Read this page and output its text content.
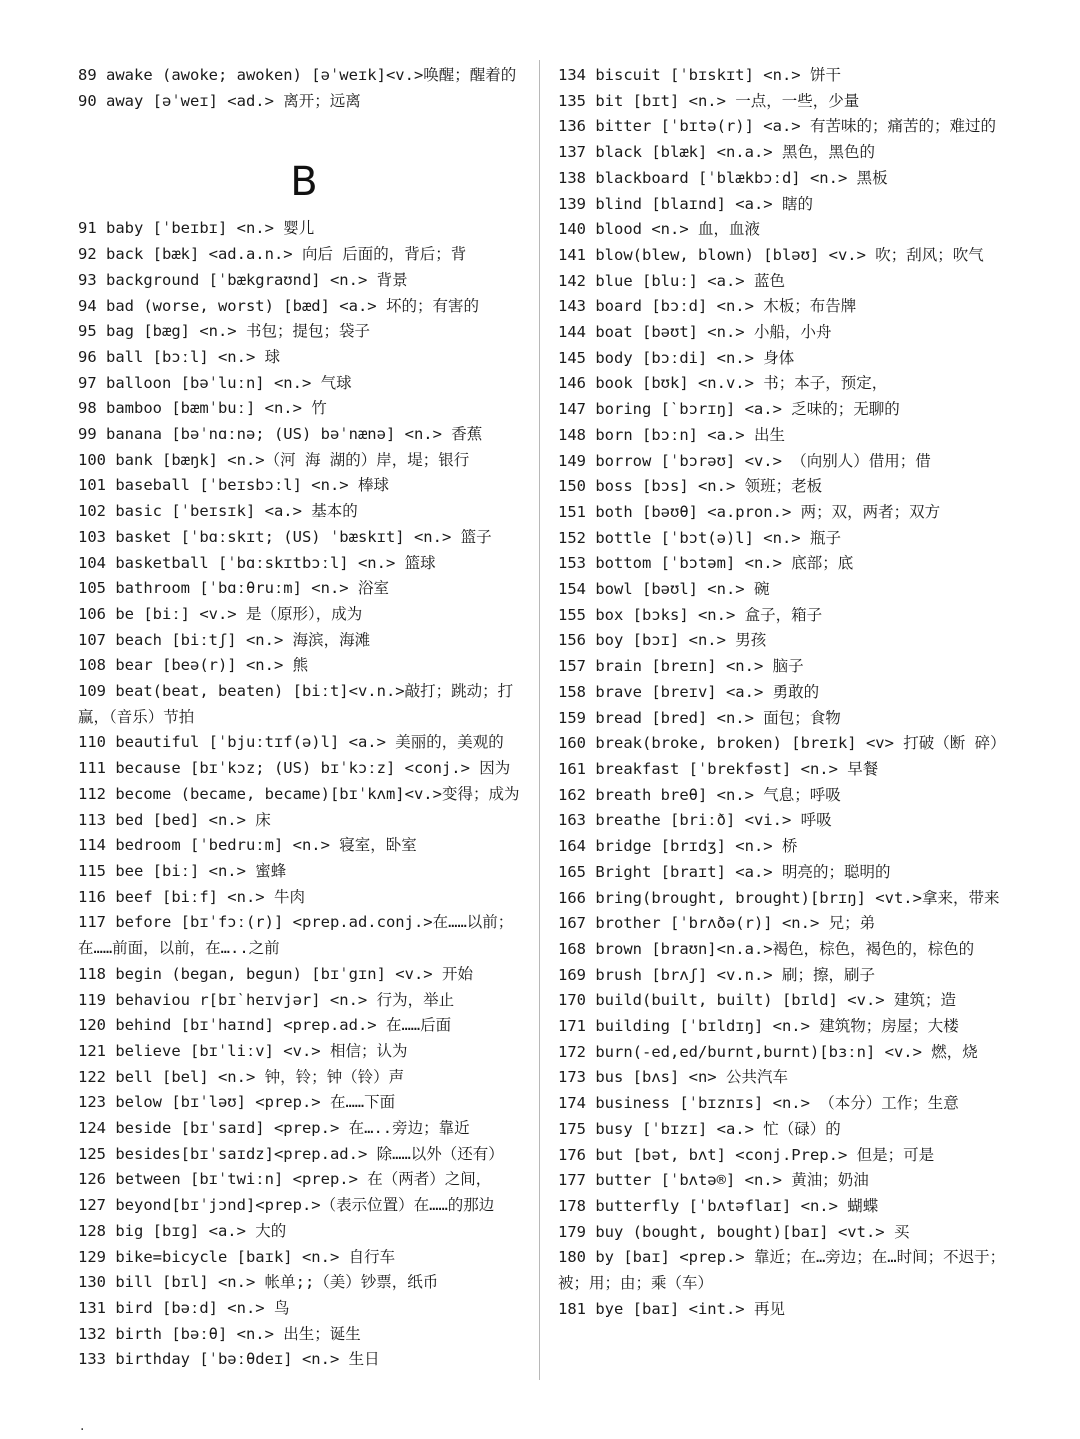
89 awake (awoke; awoken) [əˈweɪk]<v.>唤醒；醒着的

90 away [əˈweɪ] <ad.> 离开；远离

B

91 baby [ˈbeɪbɪ] <n.> 婴儿

92 back [bæk] <ad.a.n.> 向后 后面的，背后；背

93 background [ˈbækgraʊnd] <n.> 背景

94 bad (worse, worst) [bæd] <a.> 坏的；有害的

95 bag [bæg] <n.> 书包；提包；袋子

96 ball [bɔːl] <n.> 球

97 balloon [bəˈluːn] <n.> 气球

98 bamboo [bæmˈbuː] <n.> 竹

99 banana [bəˈnɑːnə; (US) bəˈnænə] <n.> 香蕉

100 bank [bæŋk] <n.>（河 海 湖的）岸，堤；银行

101 baseball [ˈbeɪsbɔːl] <n.> 棒球

102 basic [ˈbeɪsɪk] <a.> 基本的

103 basket [ˈbɑːskɪt; (US) ˈbæskɪt] <n.> 篮子

104 basketball [ˈbɑːskɪtbɔːl] <n.> 篮球

105 bathroom [ˈbɑːθruːm] <n.> 浴室

106 be [biː] <v.> 是（原形），成为

107 beach [biːtʃ] <n.> 海滨，海滩

108 bear [beə(r)] <n.> 熊

109 beat(beat, beaten) [biːt]<v.n.>敲打；跳动；打赢，（音乐）节拍

110 beautiful [ˈbjuːtɪf(ə)l] <a.> 美丽的，美观的

111 because [bɪˈkɔz; (US) bɪˈkɔːz] <conj.> 因为

112 become (became, became)[bɪˈkʌm]<v.>变得；成为

113 bed [bed] <n.> 床

114 bedroom [ˈbedruːm] <n.> 寝室，卧室

115 bee [biː] <n.> 蜜蜂

116 beef [biːf] <n.> 牛肉

117 before [bɪˈfɔː(r)] <prep.ad.conj.>在……以前；在……前面，以前，在…..之前

118 begin (began, begun) [bɪˈgɪn] <v.> 开始

119 behaviou r[bɪˋheɪvjər] <n.> 行为，举止

120 behind [bɪˈhaɪnd] <prep.ad.> 在……后面

121 believe [bɪˈliːv] <v.> 相信；认为

122 bell [bel] <n.> 钟，铃；钟（铃）声

123 below [bɪˈləʊ] <prep.> 在……下面

124 beside [bɪˈsaɪd] <prep.> 在…..旁边；靠近

125 besides[bɪˈsaɪdz]<prep.ad.> 除……以外（还有）

126 between [bɪˈtwiːn] <prep.> 在（两者）之间，

127 beyond[bɪˈjɔnd]<prep.>（表示位置）在……的那边

128 big [bɪg] <a.> 大的

129 bike=bicycle [baɪk] <n.> 自行车

130 bill [bɪl] <n.> 帐单;;（美）钞票，纸币

131 bird [bəːd] <n.> 鸟

132 birth [bəːθ] <n.> 出生；诞生

133 birthday [ˈbəːθdeɪ] <n.> 生日

134 biscuit [ˈbɪskɪt] <n.> 饼干

135 bit [bɪt] <n.> 一点，一些，少量

136 bitter [ˈbɪtə(r)] <a.> 有苦味的；痛苦的；难过的

137 black [blæk] <n.a.> 黑色，黑色的

138 blackboard [ˈblækbɔːd] <n.> 黑板

139 blind [blaɪnd] <a.> 瞎的

140 blood <n.> 血，血液

141 blow(blew, blown) [bləʊ] <v.> 吹；刮风；吹气

142 blue [bluː] <a.> 蓝色

143 board [bɔːd] <n.> 木板；布告牌

144 boat [bəʊt] <n.> 小船，小舟

145 body [bɔːdi] <n.> 身体

146 book [bʊk] <n.v.> 书；本子，预定，

147 boring [ˋbɔrɪŋ] <a.> 乏味的；无聊的

148 born [bɔːn] <a.> 出生

149 borrow [ˈbɔrəʊ] <v.> （向别人）借用；借

150 boss [bɔs] <n.> 领班；老板

151 both [bəʊθ] <a.pron.> 两；双，两者；双方

152 bottle [ˈbɔt(ə)l] <n.> 瓶子

153 bottom [ˈbɔtəm] <n.> 底部；底

154 bowl [bəʊl] <n.> 碗

155 box [bɔks] <n.> 盒子，箱子

156 boy [bɔɪ] <n.> 男孩

157 brain [breɪn] <n.> 脑子

158 brave [breɪv] <a.> 勇敢的

159 bread [bred] <n.> 面包；食物

160 break(broke, broken) [breɪk] <v> 打破（断 碎）

161 breakfast [ˈbrekfəst] <n.> 早餐

162 breath breθ] <n.> 气息；呼吸

163 breathe [briːð] <vi.> 呼吸

164 bridge [brɪdʒ] <n.> 桥

165 Bright [braɪt] <a.> 明亮的；聪明的

166 bring(brought, brought)[brɪŋ] <vt.>拿来，带来

167 brother [ˈbrʌðə(r)] <n.> 兄；弟

168 brown [braʊn]<n.a.>褐色，棕色，褐色的，棕色的

169 brush [brʌʃ] <v.n.> 刷；擦，刷子

170 build(built, built) [bɪld] <v.> 建筑；造

171 building [ˈbɪldɪŋ] <n.> 建筑物；房屋；大楼

172 burn(-ed,ed/burnt,burnt)[bɜːn] <v.> 燃，烧

173 bus [bʌs] <n> 公共汽车

174 business [ˈbɪznɪs] <n.> （本分）工作；生意

175 busy [ˈbɪzɪ] <a.> 忙（碌）的

176 but [bət, bʌt] <conj.Prep.> 但是；可是

177 butter [ˈbʌtə®] <n.> 黄油；奶油

178 butterfly [ˈbʌtəflaɪ] <n.> 蝴蝶

179 buy (bought, bought)[baɪ] <vt.> 买

180 by [baɪ] <prep.> 靠近；在…旁边；在…时间；不迟于；被；用；由；乘（车）

181 bye [baɪ] <int.> 再见

.
